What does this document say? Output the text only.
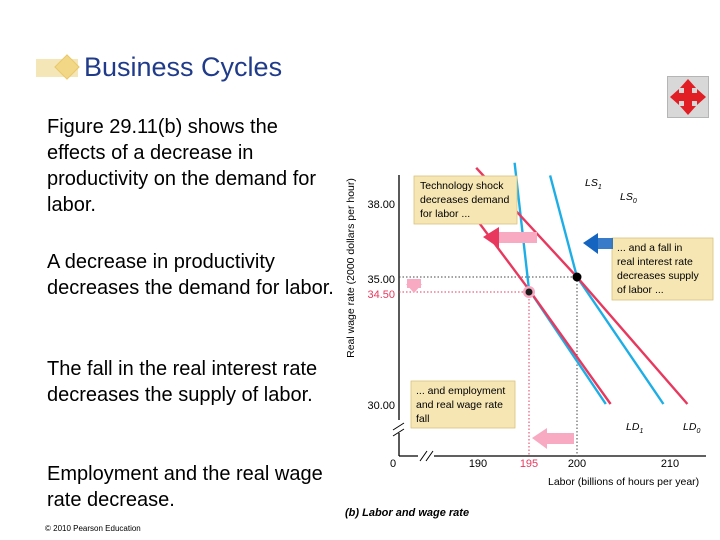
Business Cycles
Figure 29.11(b) shows the effects of a decrease in productivity on the demand for labor.
A decrease in productivity decreases the demand for labor.
The fall in the real interest rate decreases the supply of labor.
Employment and the real wage rate decrease.
© 2010 Pearson Education
Real wage rate (2000 dollars per hour) 38.00
35.00
34.50
30.00
0	190	195	200	210
Labor (billions of hours per year)
(b) Labor and wage rate
$LS_1$
$LS_0$
$LD_1$	$LD_0$
Technology shock
decreases demand
for labor ...
... and a fall in
real interest rate
decreases supply
of labor ...
... and employment
and real wage rate
fall
